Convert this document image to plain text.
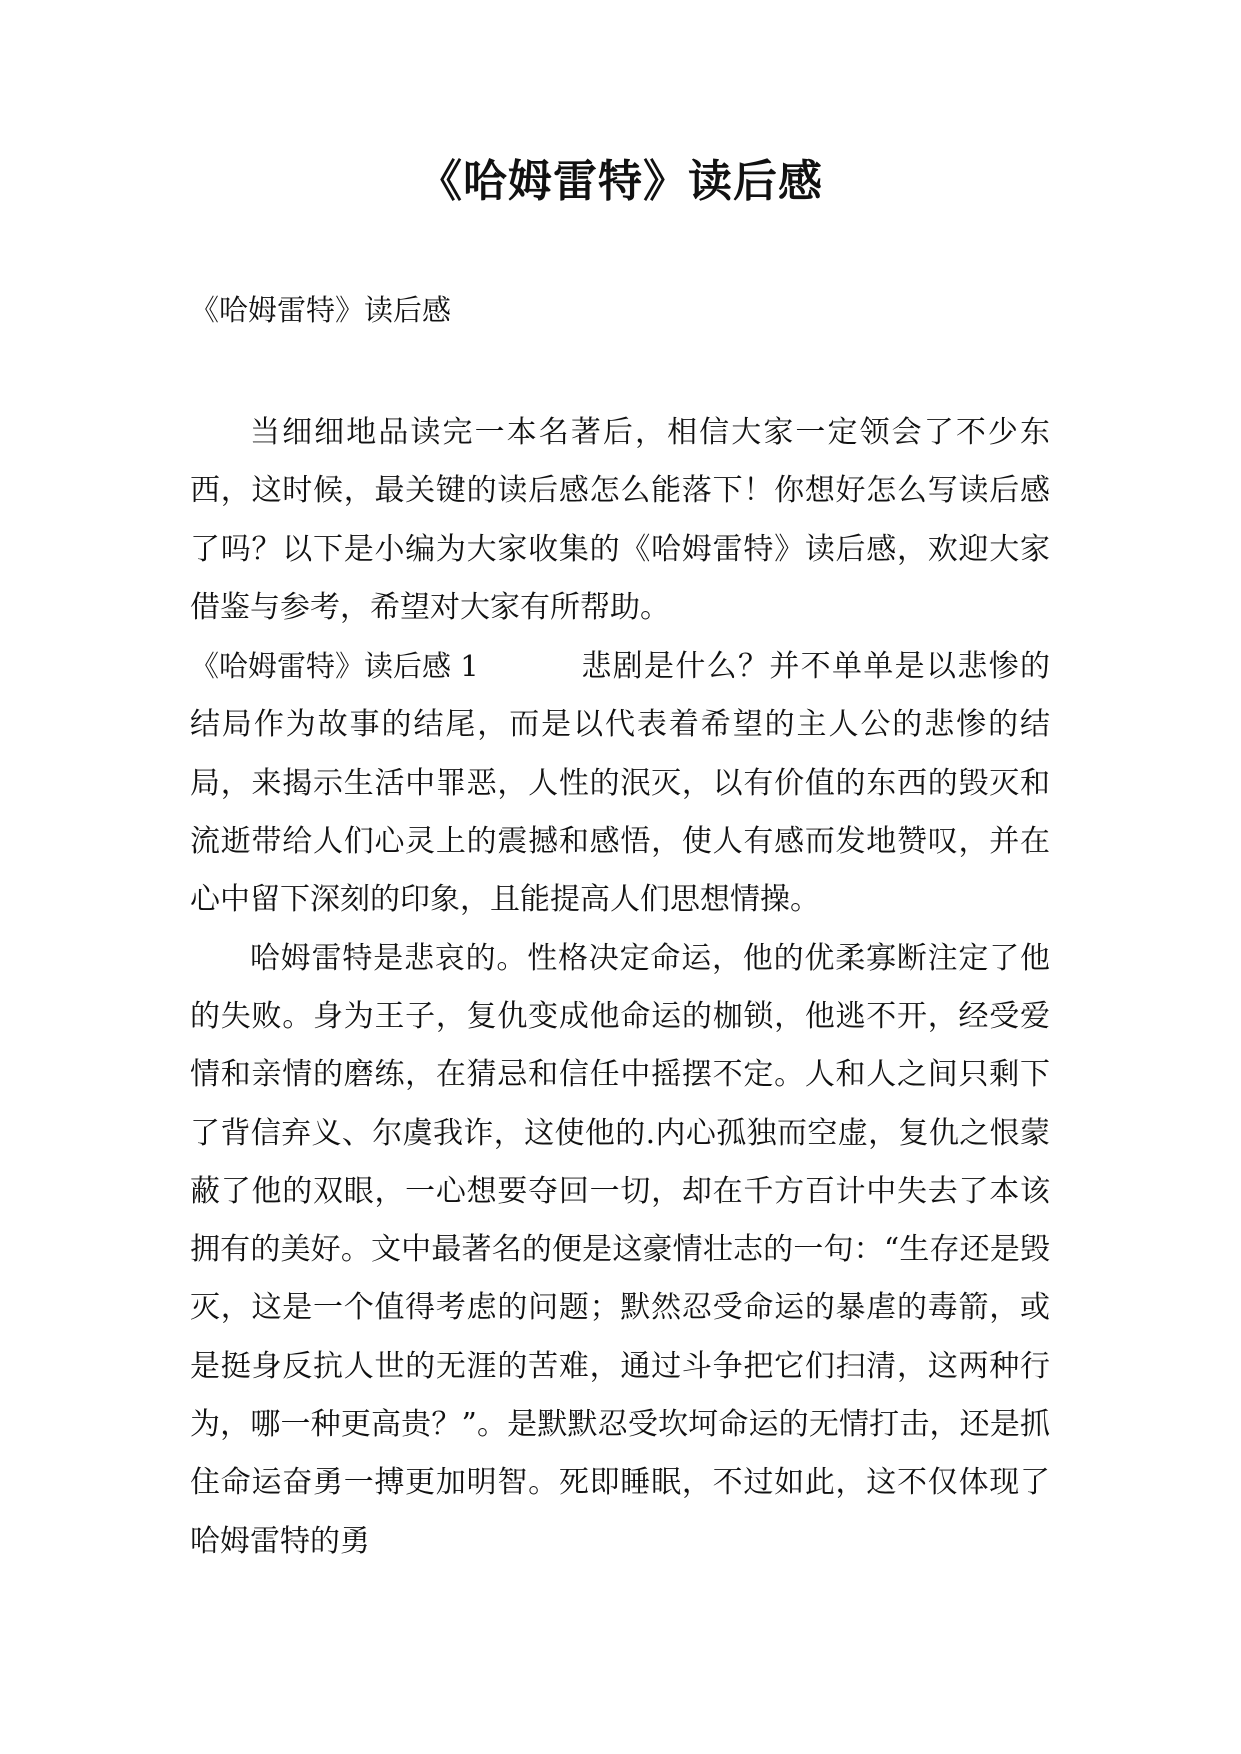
《哈姆雷特》读后感
《哈姆雷特》读后感

当细细地品读完一本名著后，相信大家一定领会了不少东西，这时候，最关键的读后感怎么能落下！你想好怎么写读后感了吗？以下是小编为大家收集的《哈姆雷特》读后感，欢迎大家借鉴与参考，希望对大家有所帮助。

《哈姆雷特》读后感 1	悲剧是什么？并不单单是以悲惨的结局作为故事的结尾，而是以代表着希望的主人公的悲惨的结局，来揭示生活中罪恶，人性的泯灭，以有价值的东西的毁灭和流逝带给人们心灵上的震撼和感悟，使人有感而发地赞叹，并在心中留下深刻的印象，且能提高人们思想情操。

哈姆雷特是悲哀的。性格决定命运，他的优柔寡断注定了他的失败。身为王子，复仇变成他命运的枷锁，他逃不开，经受爱情和亲情的磨练，在猜忌和信任中摇摆不定。人和人之间只剩下了背信弃义、尔虞我诈，这使他的.内心孤独而空虚，复仇之恨蒙蔽了他的双眼，一心想要夺回一切，却在千方百计中失去了本该拥有的美好。文中最著名的便是这豪情壮志的一句：“生存还是毁灭，这是一个值得考虑的问题；默然忍受命运的暴虐的毒箭，或是挺身反抗人世的无涯的苦难，通过斗争把它们扫清，这两种行为，哪一种更高贵？”。是默默忍受坎坷命运的无情打击，还是抓住命运奋勇一搏更加明智。死即睡眠，不过如此，这不仅体现了哈姆雷特的勇
